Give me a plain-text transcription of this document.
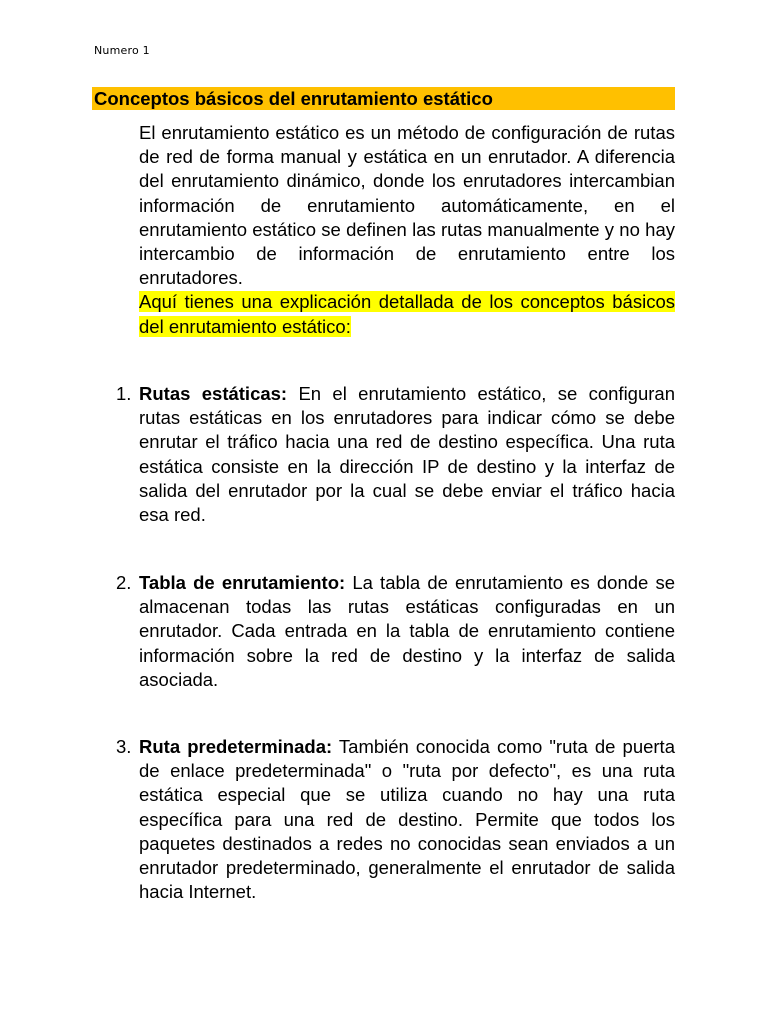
Numero 1
Conceptos básicos del enrutamiento estático

El enrutamiento estático es un método de configuración de rutas de red de forma manual y estática en un enrutador. A diferencia del enrutamiento dinámico, donde los enrutadores intercambian información de enrutamiento automáticamente, en el enrutamiento estático se definen las rutas manualmente y no hay intercambio de información de enrutamiento entre los enrutadores.
Aquí tienes una explicación detallada de los conceptos básicos del enrutamiento estático:

1. Rutas estáticas: En el enrutamiento estático, se configuran rutas estáticas en los enrutadores para indicar cómo se debe enrutar el tráfico hacia una red de destino específica. Una ruta estática consiste en la dirección IP de destino y la interfaz de salida del enrutador por la cual se debe enviar el tráfico hacia esa red.

2. Tabla de enrutamiento: La tabla de enrutamiento es donde se almacenan todas las rutas estáticas configuradas en un enrutador. Cada entrada en la tabla de enrutamiento contiene información sobre la red de destino y la interfaz de salida asociada.

3. Ruta predeterminada: También conocida como "ruta de puerta de enlace predeterminada" o "ruta por defecto", es una ruta estática especial que se utiliza cuando no hay una ruta específica para una red de destino. Permite que todos los paquetes destinados a redes no conocidas sean enviados a un enrutador predeterminado, generalmente el enrutador de salida hacia Internet.
